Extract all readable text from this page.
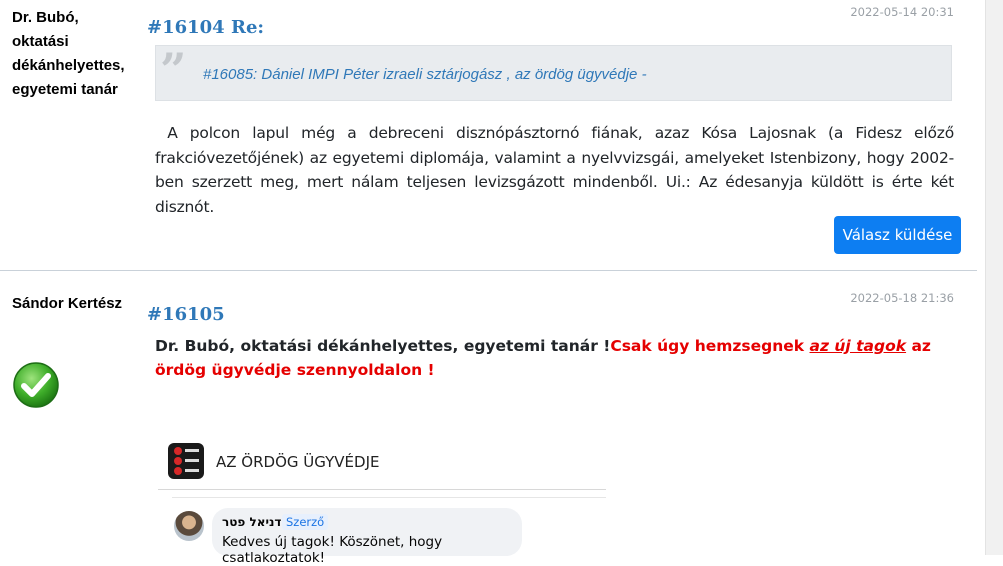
Dr. Bubó, oktatási dékánhelyettes, egyetemi tanár
2022-05-14 20:31
#16104 Re:
” #16085: Dániel IMPI Péter izraeli sztárjogász , az ördög ügyvédje -
A polcon lapul még a debreceni disznópásztornó fiának, azaz Kósa Lajosnak (a Fidesz előző frakcióvezetőjének) az egyetemi diplomája, valamint a nyelvvizsgái, amelyeket Istenbizony, hogy 2002-ben szerzett meg, mert nálam teljesen levizsgázott mindenből. Ui.: Az édesanyja küldött is érte két disznót.
Válasz küldése
Sándor Kertész	2022-05-18 21:36
#16105
Dr. Bubó, oktatási dékánhelyettes, egyetemi tanár !Csak úgy hemzsegnek az új tagok az ördög ügyvédje szennyoldalon !
AZ ÖRDÖG ÜGYVÉDJE
דניאל פטר Szerző
Kedves új tagok! Köszönet, hogy csatlakoztatok!
